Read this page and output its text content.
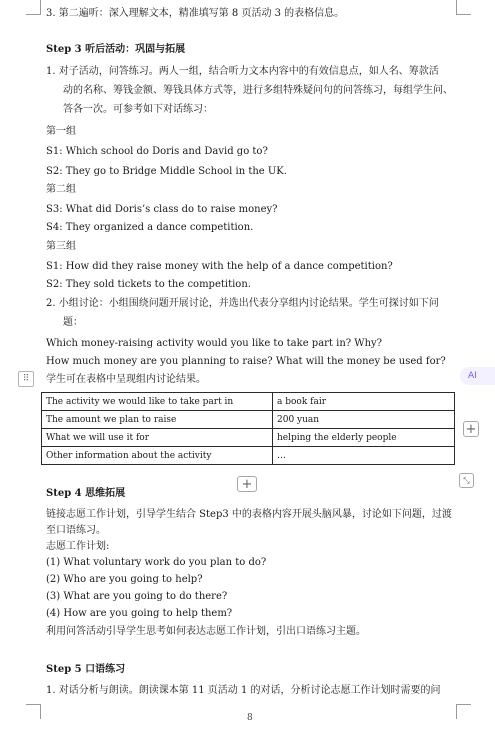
3. 第二遍听：深入理解文本，精准填写第 8 页活动 3 的表格信息。
Step 3 听后活动：巩固与拓展
1. 对子活动，问答练习。两人一组，结合听力文本内容中的有效信息点，如人名、筹款活
动的名称、筹钱金额、筹钱具体方式等，进行多组特殊疑问句的问答练习，每组学生问、
答各一次。可参考如下对话练习：
第一组
S1: Which school do Doris and David go to?
S2: They go to Bridge Middle School in the UK.
第二组
S3: What did Doris’s class do to raise money?
S4: They organized a dance competition.
第三组
S1: How did they raise money with the help of a dance competition?
S2: They sold tickets to the competition.
2. 小组讨论：小组围绕问题开展讨论，并选出代表分享组内讨论结果。学生可探讨如下问
题：
Which money-raising activity would you like to take part in? Why?
How much money are you planning to raise? What will the money be used for?
学生可在表格中呈现组内讨论结果。
⠿	AI
The activity we would like to take part in	a book fair
The amount we plan to raise	200 yuan
What we will use it for	helping the elderly people
Other information about the activity	…
+
+	⤡
Step 4 思维拓展
链接志愿工作计划，引导学生结合 Step3 中的表格内容开展头脑风暴，讨论如下问题，过渡
至口语练习。
志愿工作计划:
(1) What voluntary work do you plan to do?
(2) Who are you going to help?
(3) What are you going to do there?
(4) How are you going to help them?
利用问答活动引导学生思考如何表达志愿工作计划，引出口语练习主题。
Step 5 口语练习
1. 对话分析与朗读。朗读课本第 11 页活动 1 的对话，分析讨论志愿工作计划时需要的问
8
